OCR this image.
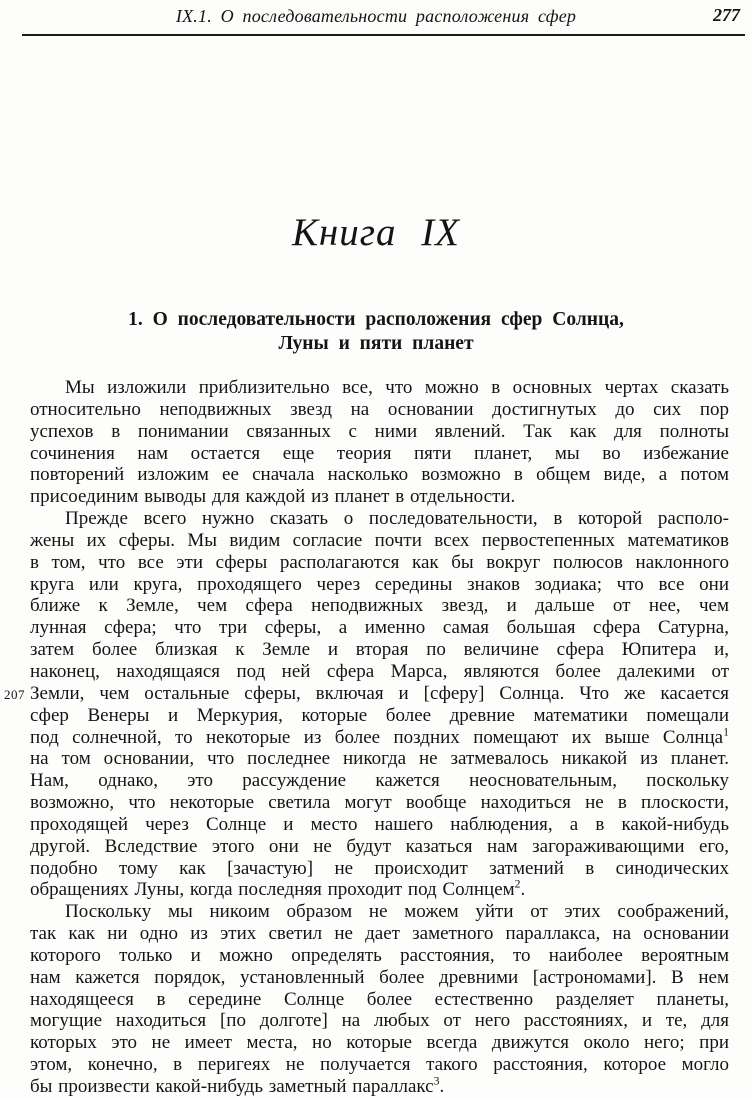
IX.1. О последовательности расположения сфер	277
Книга IX
1. О последовательности расположения сфер Солнца,
Луны и пяти планет
207
Мы изложили приблизительно все, что можно в основных чертах сказать
относительно неподвижных звезд на основании достигнутых до сих пор
успехов в понимании связанных с ними явлений. Так как для полноты
сочинения нам остается еще теория пяти планет, мы во избежание
повторений изложим ее сначала насколько возможно в общем виде, а потом
присоединим выводы для каждой из планет в отдельности.
Прежде всего нужно сказать о последовательности, в которой располо-
жены их сферы. Мы видим согласие почти всех первостепенных математиков
в том, что все эти сферы располагаются как бы вокруг полюсов наклонного
круга или круга, проходящего через середины знаков зодиака; что все они
ближе к Земле, чем сфера неподвижных звезд, и дальше от нее, чем
лунная сфера; что три сферы, а именно самая большая сфера Сатурна,
затем более близкая к Земле и вторая по величине сфера Юпитера и,
наконец, находящаяся под ней сфера Марса, являются более далекими от
Земли, чем остальные сферы, включая и [сферу] Солнца. Что же касается
сфер Венеры и Меркурия, которые более древние математики помещали
под солнечной, то некоторые из более поздних помещают их выше Солнца$^1$
на том основании, что последнее никогда не затмевалось никакой из планет.
Нам, однако, это рассуждение кажется неосновательным, поскольку
возможно, что некоторые светила могут вообще находиться не в плоскости,
проходящей через Солнце и место нашего наблюдения, а в какой-нибудь
другой. Вследствие этого они не будут казаться нам загораживающими его,
подобно тому как [зачастую] не происходит затмений в синодических
обращениях Луны, когда последняя проходит под Солнцем$^2$.
Поскольку мы никоим образом не можем уйти от этих соображений,
так как ни одно из этих светил не дает заметного параллакса, на основании
которого только и можно определять расстояния, то наиболее вероятным
нам кажется порядок, установленный более древними [астрономами]. В нем
находящееся в середине Солнце более естественно разделяет планеты,
могущие находиться [по долготе] на любых от него расстояниях, и те, для
которых это не имеет места, но которые всегда движутся около него; при
этом, конечно, в перигеях не получается такого расстояния, которое могло
бы произвести какой-нибудь заметный параллакс$^3$.
